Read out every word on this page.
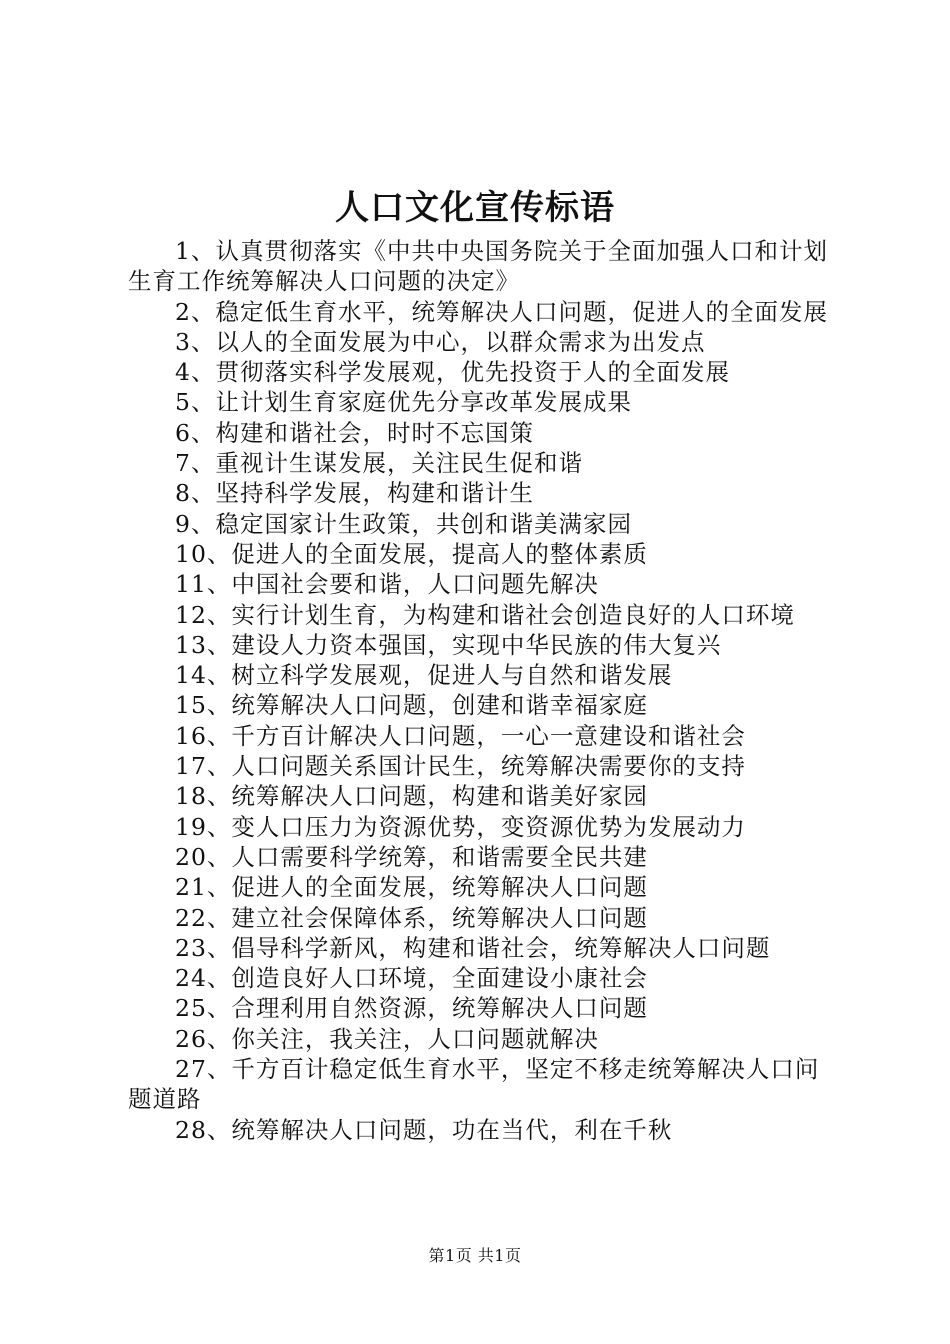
人口文化宣传标语

1、认真贯彻落实《中共中央国务院关于全面加强人口和计划生育工作统筹解决人口问题的决定》

2、稳定低生育水平，统筹解决人口问题，促进人的全面发展

3、以人的全面发展为中心，以群众需求为出发点

4、贯彻落实科学发展观，优先投资于人的全面发展

5、让计划生育家庭优先分享改革发展成果

6、构建和谐社会，时时不忘国策

7、重视计生谋发展，关注民生促和谐

8、坚持科学发展，构建和谐计生

9、稳定国家计生政策，共创和谐美满家园

10、促进人的全面发展，提高人的整体素质

11、中国社会要和谐，人口问题先解决

12、实行计划生育，为构建和谐社会创造良好的人口环境

13、建设人力资本强国，实现中华民族的伟大复兴

14、树立科学发展观，促进人与自然和谐发展

15、统筹解决人口问题，创建和谐幸福家庭

16、千方百计解决人口问题，一心一意建设和谐社会

17、人口问题关系国计民生，统筹解决需要你的支持

18、统筹解决人口问题，构建和谐美好家园

19、变人口压力为资源优势，变资源优势为发展动力

20、人口需要科学统筹，和谐需要全民共建

21、促进人的全面发展，统筹解决人口问题

22、建立社会保障体系，统筹解决人口问题

23、倡导科学新风，构建和谐社会，统筹解决人口问题

24、创造良好人口环境，全面建设小康社会

25、合理利用自然资源，统筹解决人口问题

26、你关注，我关注，人口问题就解决

27、千方百计稳定低生育水平，坚定不移走统筹解决人口问题道路

28、统筹解决人口问题，功在当代，利在千秋

第1页 共1页
